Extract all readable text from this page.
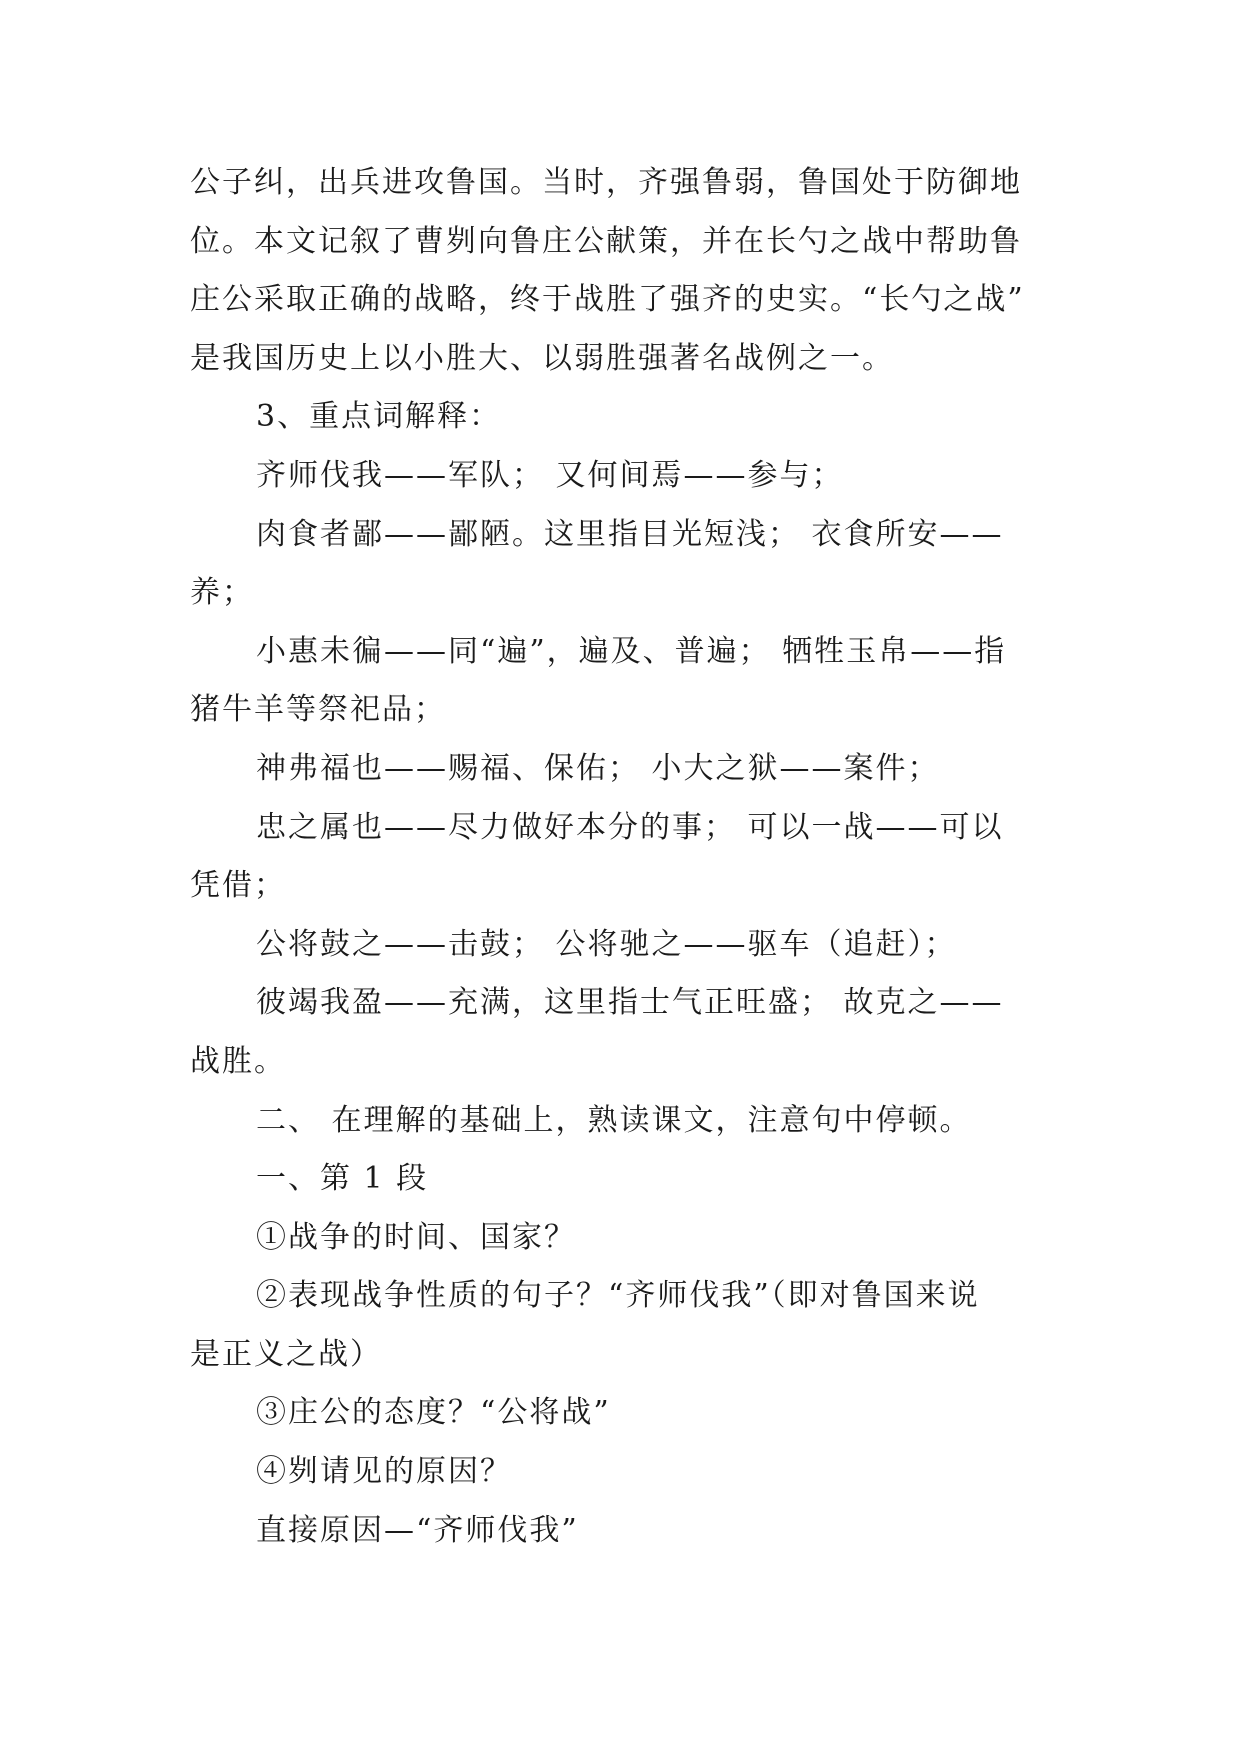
公子纠，出兵进攻鲁国。当时，齐强鲁弱，鲁国处于防御地
位。本文记叙了曹刿向鲁庄公献策，并在长勺之战中帮助鲁
庄公采取正确的战略，终于战胜了强齐的史实。“长勺之战”
是我国历史上以小胜大、以弱胜强著名战例之一。
3、重点词解释：
齐师伐我——军队； 又何间焉——参与；
肉食者鄙——鄙陋。这里指目光短浅； 衣食所安——
养；
小惠未徧——同“遍”，遍及、普遍； 牺牲玉帛——指
猪牛羊等祭祀品；
神弗福也——赐福、保佑； 小大之狱——案件；
忠之属也——尽力做好本分的事； 可以一战——可以
凭借；
公将鼓之——击鼓； 公将驰之——驱车（追赶）；
彼竭我盈——充满，这里指士气正旺盛； 故克之——
战胜。
二、 在理解的基础上，熟读课文，注意句中停顿。
一、第 1 段
①战争的时间、国家？
②表现战争性质的句子？“齐师伐我”（即对鲁国来说
是正义之战）
③庄公的态度？“公将战”
④刿请见的原因？
直接原因—“齐师伐我”
